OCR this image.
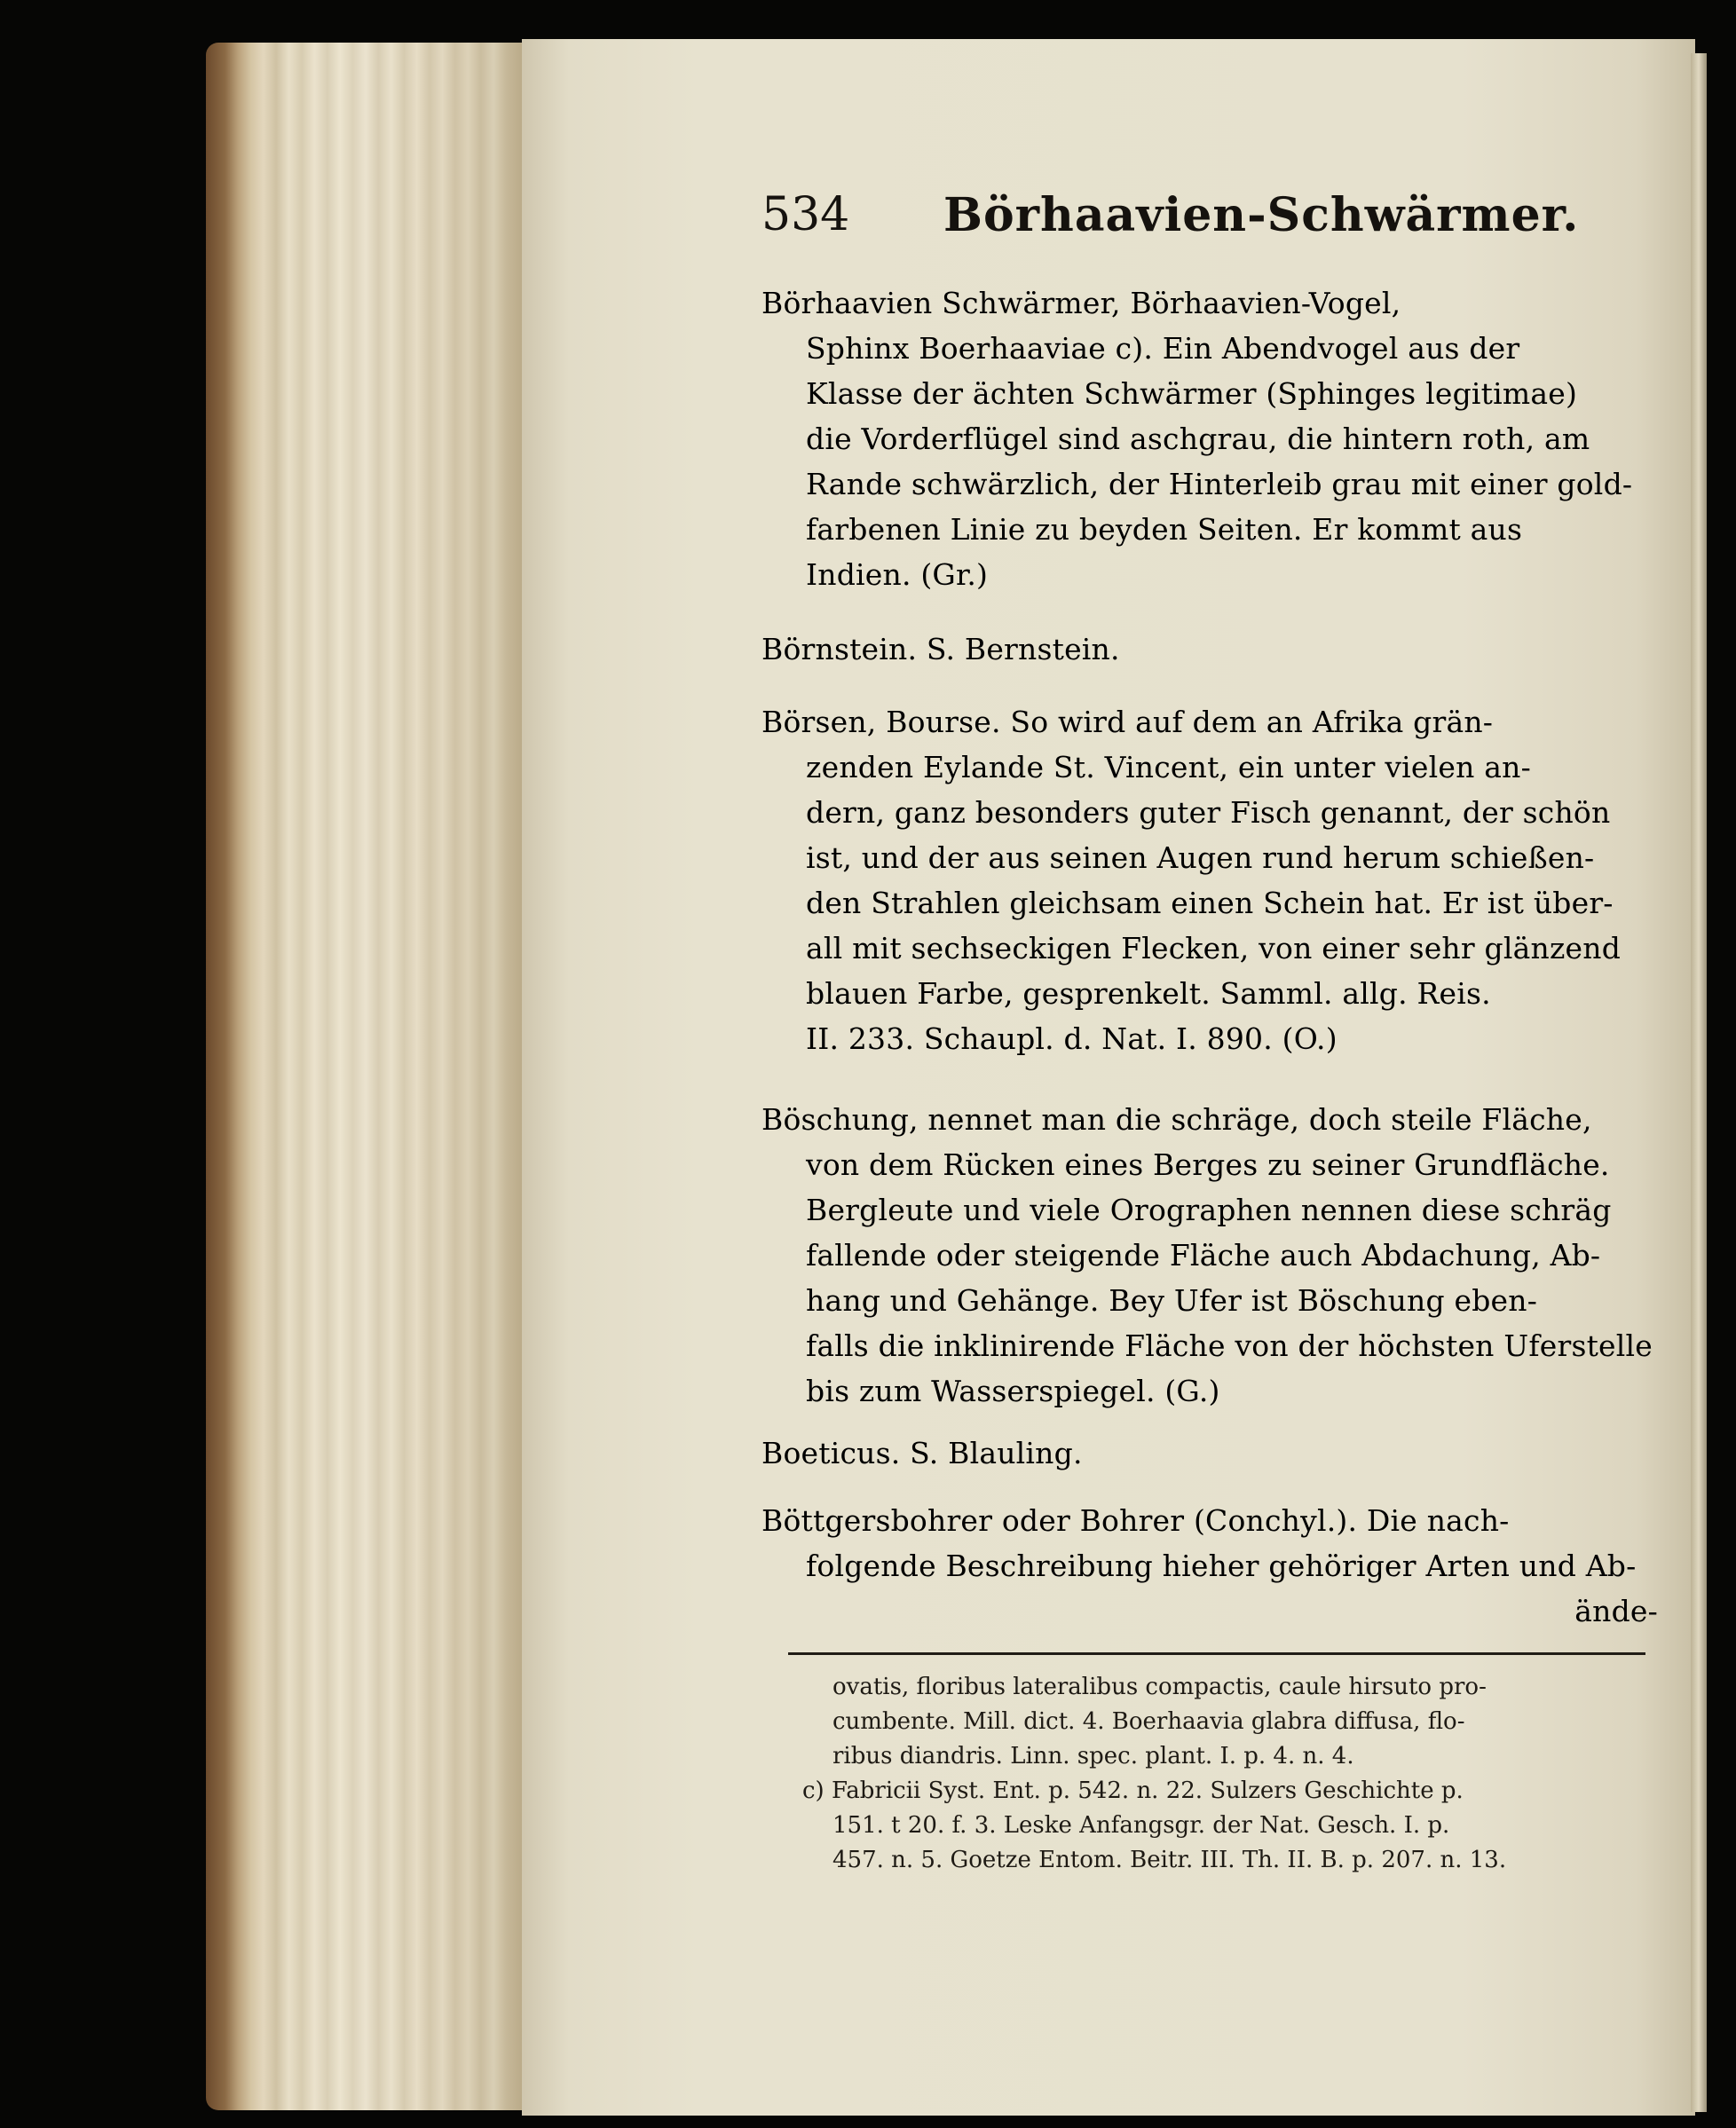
534 Börhaavien-Schwärmer.

Börhaavien Schwärmer, Börhaavien-Vogel,

Sphinx Boerhaaviae c). Ein Abendvogel aus der

Klasse der ächten Schwärmer (Sphinges legitimae)

die Vorderflügel sind aschgrau, die hintern roth, am

Rande schwärzlich, der Hinterleib grau mit einer gold-

farbenen Linie zu beyden Seiten. Er kommt aus

Indien. (Gr.)

Börnstein. S. Bernstein.

Börsen, Bourse. So wird auf dem an Afrika grän-

zenden Eylande St. Vincent, ein unter vielen an-

dern, ganz besonders guter Fisch genannt, der schön

ist, und der aus seinen Augen rund herum schießen-

den Strahlen gleichsam einen Schein hat. Er ist über-

all mit sechseckigen Flecken, von einer sehr glänzend

blauen Farbe, gesprenkelt. Samml. allg. Reis.

II. 233. Schaupl. d. Nat. I. 890. (O.)

Böschung, nennet man die schräge, doch steile Fläche,

von dem Rücken eines Berges zu seiner Grundfläche.

Bergleute und viele Orographen nennen diese schräg

fallende oder steigende Fläche auch Abdachung, Ab-

hang und Gehänge. Bey Ufer ist Böschung eben-

falls die inklinirende Fläche von der höchsten Uferstelle

bis zum Wasserspiegel. (G.)

Boeticus. S. Blauling.

Böttgersbohrer oder Bohrer (Conchyl.). Die nach-

folgende Beschreibung hieher gehöriger Arten und Ab-

ände-

ovatis, floribus lateralibus compactis, caule hirsuto pro-

cumbente. Mill. dict. 4. Boerhaavia glabra diffusa, flo-

ribus diandris. Linn. spec. plant. I. p. 4. n. 4.

c) Fabricii Syst. Ent. p. 542. n. 22. Sulzers Geschichte p.

151. t 20. f. 3. Leske Anfangsgr. der Nat. Gesch. I. p.

457. n. 5. Goetze Entom. Beitr. III. Th. II. B. p. 207. n. 13.
